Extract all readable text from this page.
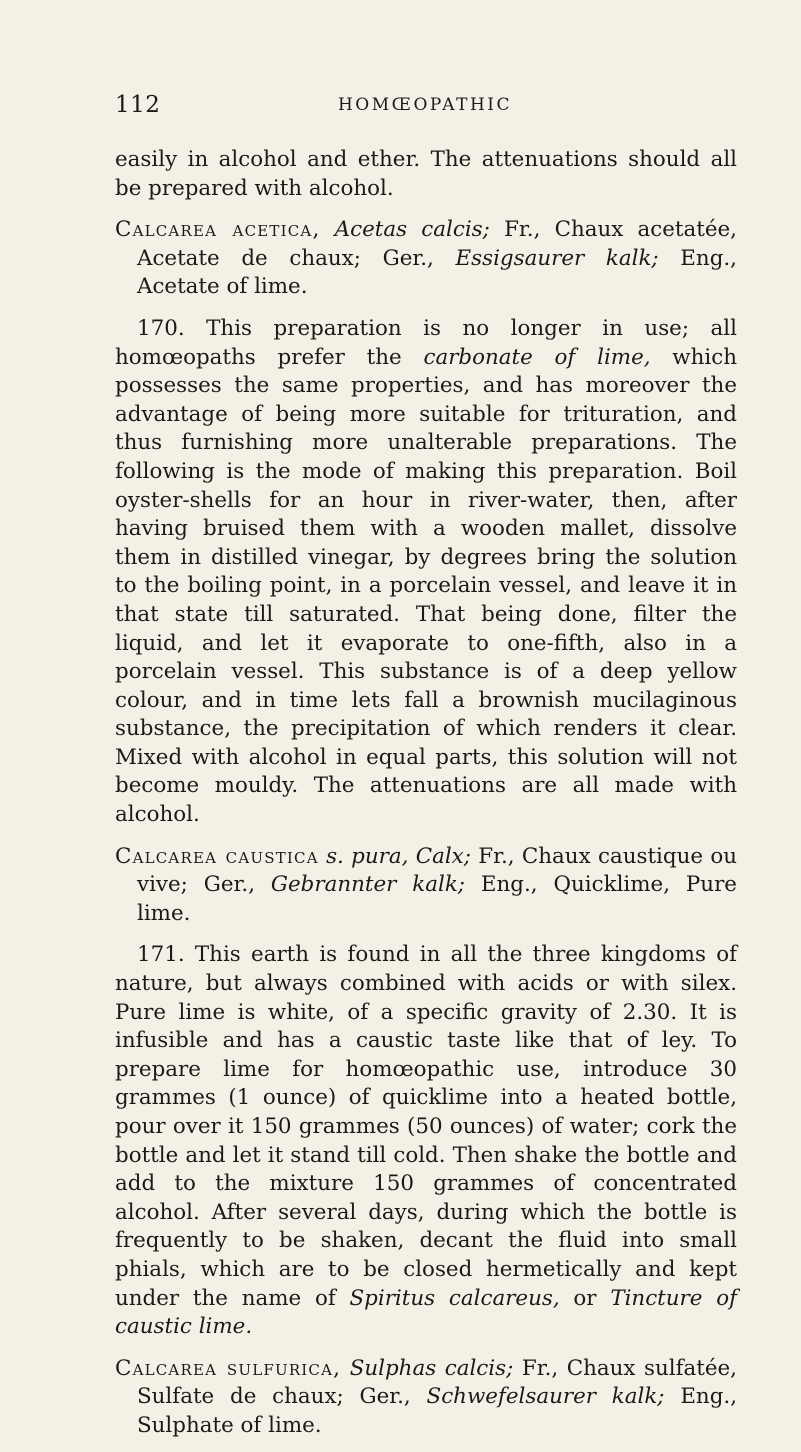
112	HOMŒOPATHIC

easily in alcohol and ether. The attenuations should all be prepared with alcohol.

Calcarea acetica, Acetas calcis; Fr., Chaux acetatée, Acetate de chaux; Ger., Essigsaurer kalk; Eng., Acetate of lime.

170. This preparation is no longer in use; all homœopaths prefer the carbonate of lime, which possesses the same properties, and has moreover the advantage of being more suitable for trituration, and thus furnishing more unalterable preparations. The following is the mode of making this preparation. Boil oyster-shells for an hour in river-water, then, after having bruised them with a wooden mallet, dissolve them in distilled vinegar, by degrees bring the solution to the boiling point, in a porcelain vessel, and leave it in that state till saturated. That being done, filter the liquid, and let it evaporate to one-fifth, also in a porcelain vessel. This substance is of a deep yellow colour, and in time lets fall a brownish mucilaginous substance, the precipitation of which renders it clear. Mixed with alcohol in equal parts, this solution will not become mouldy. The attenuations are all made with alcohol.

Calcarea caustica s. pura, Calx; Fr., Chaux caustique ou vive; Ger., Gebrannter kalk; Eng., Quicklime, Pure lime.

171. This earth is found in all the three kingdoms of nature, but always combined with acids or with silex. Pure lime is white, of a specific gravity of 2.30. It is infusible and has a caustic taste like that of ley. To prepare lime for homœopathic use, introduce 30 grammes (1 ounce) of quicklime into a heated bottle, pour over it 150 grammes (50 ounces) of water; cork the bottle and let it stand till cold. Then shake the bottle and add to the mixture 150 grammes of concentrated alcohol. After several days, during which the bottle is frequently to be shaken, decant the fluid into small phials, which are to be closed hermetically and kept under the name of Spiritus calcareus, or Tincture of caustic lime.

Calcarea sulfurica, Sulphas calcis; Fr., Chaux sulfatée, Sulfate de chaux; Ger., Schwefelsaurer kalk; Eng., Sulphate of lime.
